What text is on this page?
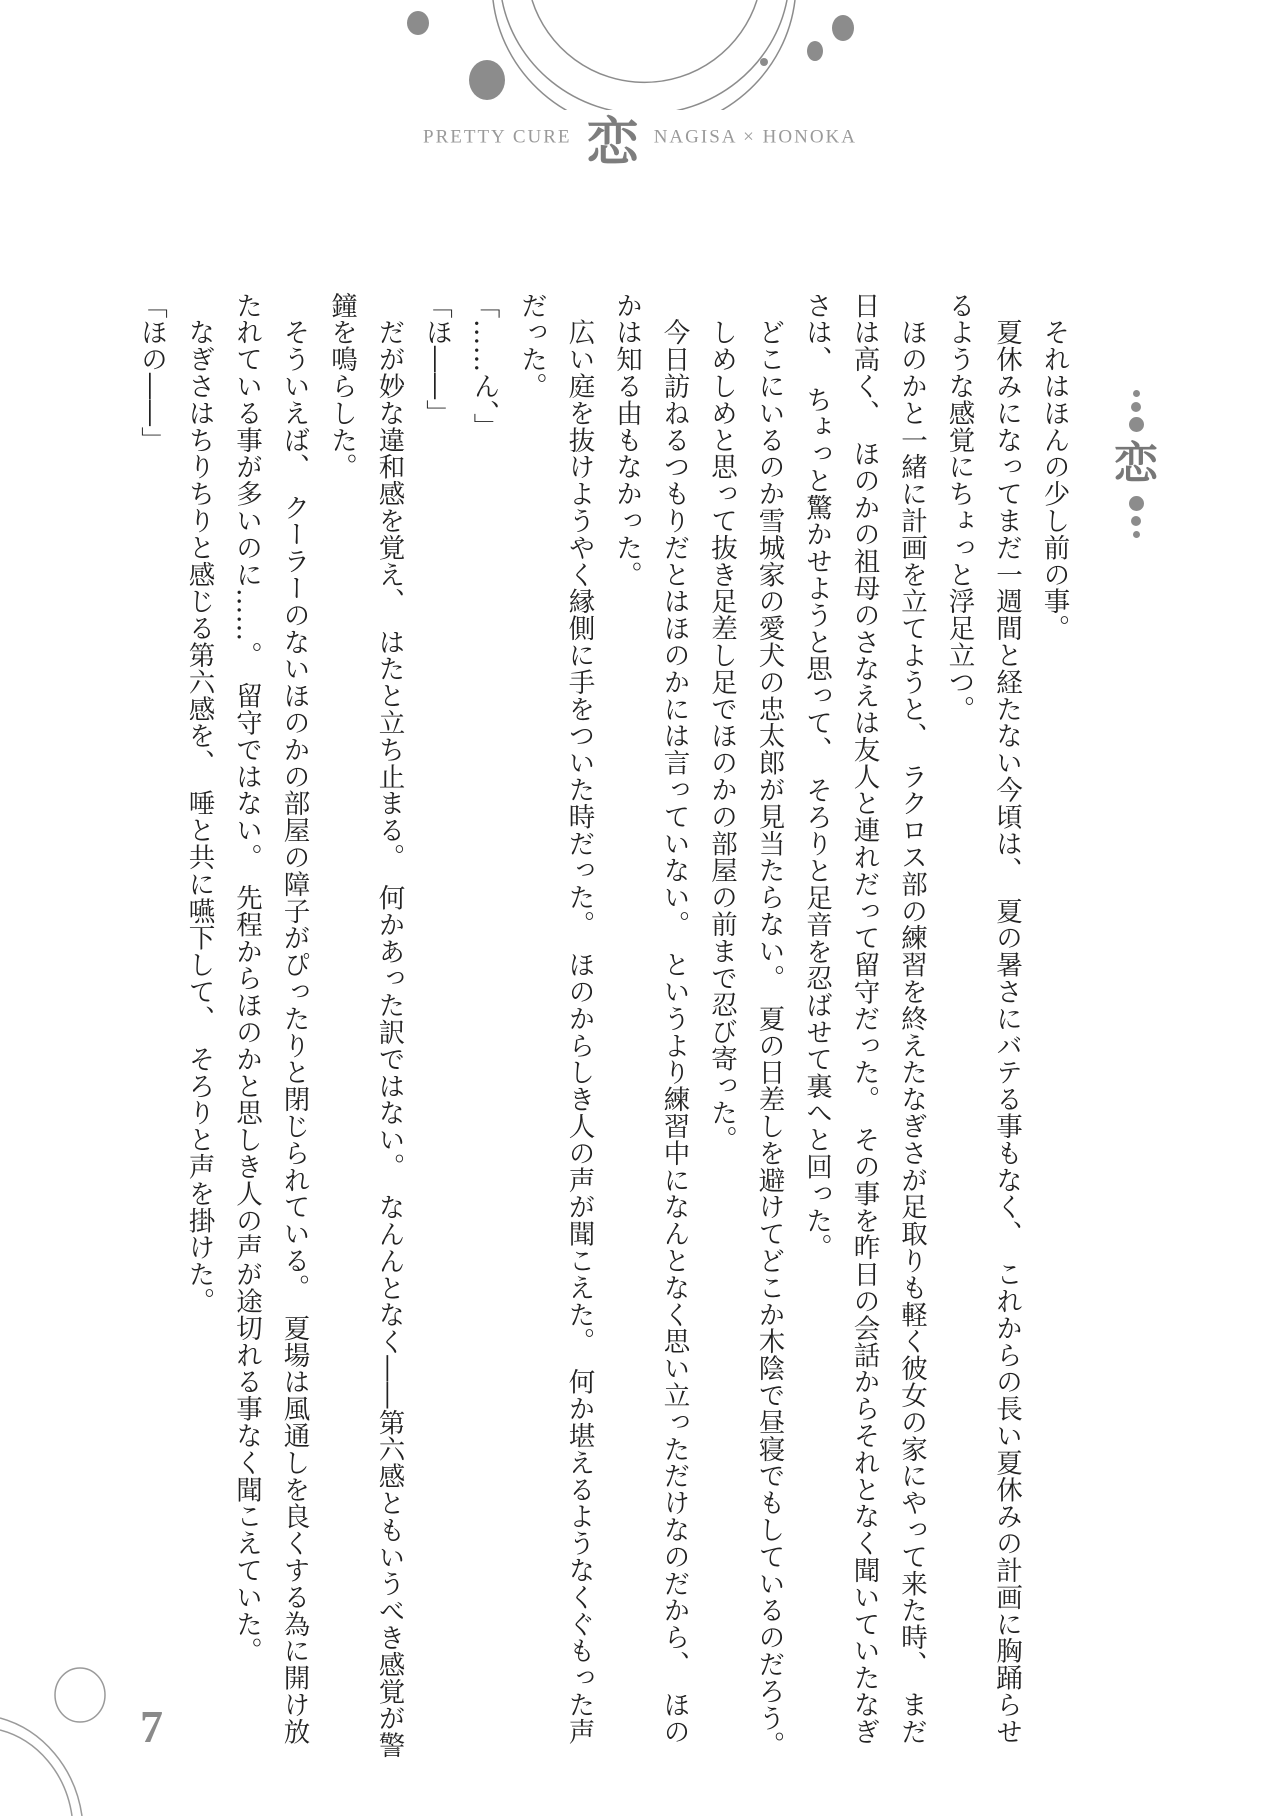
PRETTY CURE 恋 NAGISA × HONOKA
恋
　それはほんの少し前の事。
　夏休みになってまだ一週間と経たない今頃は、　夏の暑さにバテる事もなく、　これからの長い夏休みの計画に胸踊らせ
るような感覚にちょっと浮足立つ。
　ほのかと一緒に計画を立てようと、　ラクロス部の練習を終えたなぎさが足取りも軽く彼女の家にやって来た時、　まだ
日は高く、　ほのかの祖母のさなえは友人と連れだって留守だった。　その事を昨日の会話からそれとなく聞いていたなぎ
さは、　ちょっと驚かせようと思って、　そろりと足音を忍ばせて裏へと回った。
　どこにいるのか雪城家の愛犬の忠太郎が見当たらない。　夏の日差しを避けてどこか木陰で昼寝でもしているのだろう。
　しめしめと思って抜き足差し足でほのかの部屋の前まで忍び寄った。
　今日訪ねるつもりだとはほのかには言っていない。　というより練習中になんとなく思い立っただけなのだから、　ほの
かは知る由もなかった。
　広い庭を抜けようやく縁側に手をついた時だった。　ほのからしき人の声が聞こえた。　何か堪えるようなくぐもった声
だった。
「……ん、」
「ほ――」
　だが妙な違和感を覚え、　はたと立ち止まる。　何かあった訳ではない。　なんんとなく――第六感ともいうべき感覚が警
鐘を鳴らした。
　そういえば、　クーラーのないほのかの部屋の障子がぴったりと閉じられている。　夏場は風通しを良くする為に開け放
たれている事が多いのに……。　留守ではない。　先程からほのかと思しき人の声が途切れる事なく聞こえていた。
　なぎさはちりちりと感じる第六感を、　唾と共に嚥下して、　そろりと声を掛けた。
「ほの――」
7
